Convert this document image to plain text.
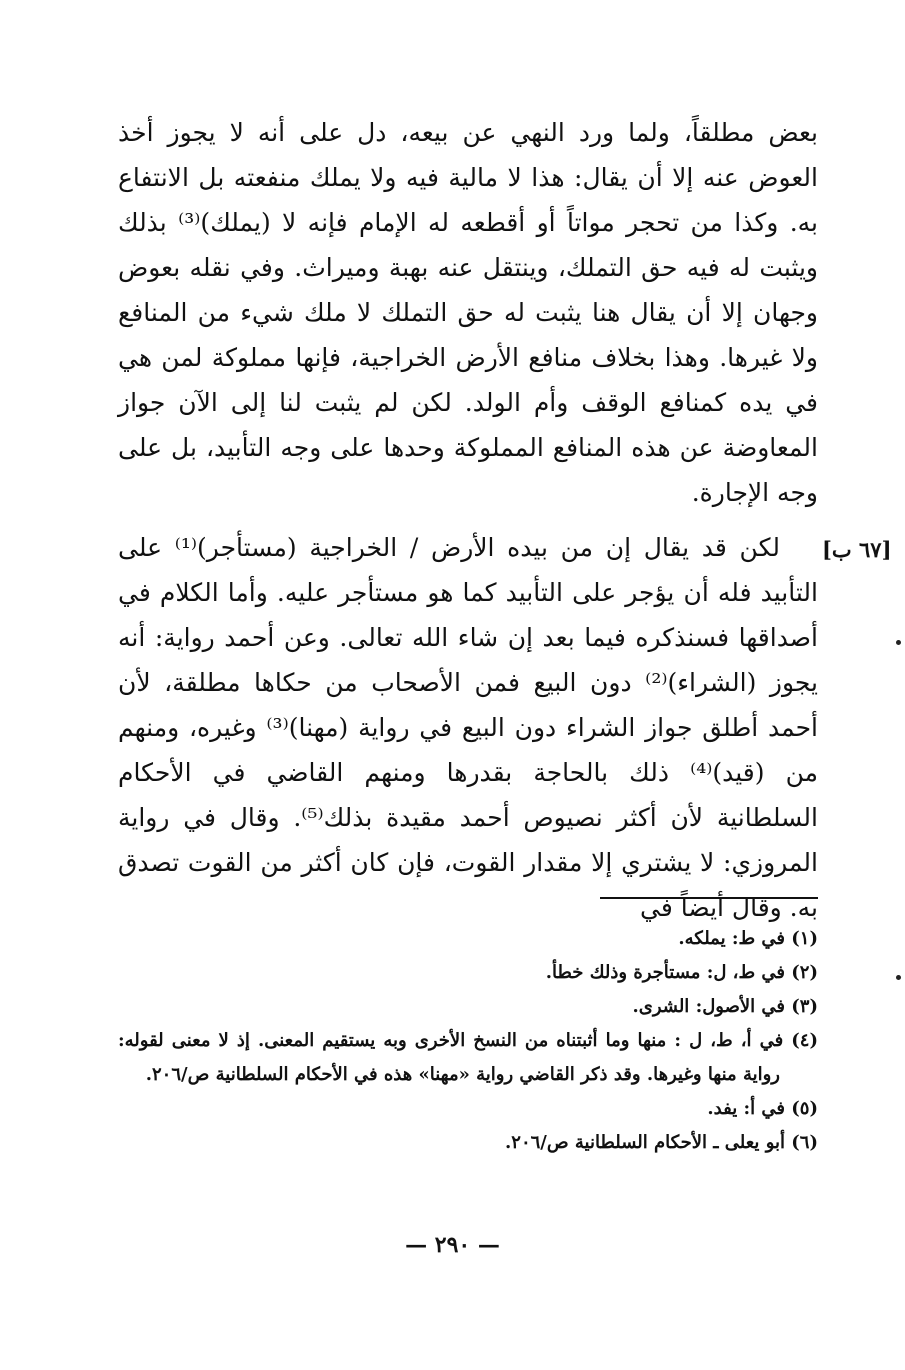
بعض مطلقاً، ولما ورد النهي عن بيعه، دل على أنه لا يجوز أخذ العوض عنه إلا أن يقال: هذا لا مالية فيه ولا يملك منفعته بل الانتفاع به. وكذا من تحجر مواتاً أو أقطعه له الإمام فإنه لا (يملك)⁽³⁾ بذلك ويثبت له فيه حق التملك، وينتقل عنه بهبة وميراث. وفي نقله بعوض وجهان إلا أن يقال هنا يثبت له حق التملك لا ملك شيء من المنافع ولا غيرها. وهذا بخلاف منافع الأرض الخراجية، فإنها مملوكة لمن هي في يده كمنافع الوقف وأم الولد. لكن لم يثبت لنا إلى الآن جواز المعاوضة عن هذه المنافع المملوكة وحدها على وجه التأبيد، بل على وجه الإجارة.

لكن قد يقال إن من بيده الأرض / الخراجية (مستأجر)⁽¹⁾ على التأبيد فله أن يؤجر على التأبيد كما هو مستأجر عليه. وأما الكلام في أصداقها فسنذكره فيما بعد إن شاء الله تعالى. وعن أحمد رواية: أنه يجوز (الشراء)⁽²⁾ دون البيع فمن الأصحاب من حكاها مطلقة، لأن أحمد أطلق جواز الشراء دون البيع في رواية (مهنا)⁽³⁾ وغيره، ومنهم من (قيد)⁽⁴⁾ ذلك بالحاجة بقدرها ومنهم القاضي في الأحكام السلطانية لأن أكثر نصيوص أحمد مقيدة بذلك⁽⁵⁾. وقال في رواية المروزي: لا يشتري إلا مقدار القوت، فإن كان أكثر من القوت تصدق به. وقال أيضاً في

[٦٧ ب]

(١) في ط: يملكه.

(٢) في ط، ل: مستأجرة وذلك خطأ.

(٣) في الأصول: الشرى.

(٤) في أ، ط، ل : منها وما أثبتناه من النسخ الأخرى وبه يستقيم المعنى. إذ لا معنى لقوله: رواية منها وغيرها. وقد ذكر القاضي رواية «مهنا» هذه في الأحكام السلطانية ص/٢٠٦.

(٥) في أ: يفد.

(٦) أبو يعلى ـ الأحكام السلطانية ص/٢٠٦.

— ٢٩٠ —
